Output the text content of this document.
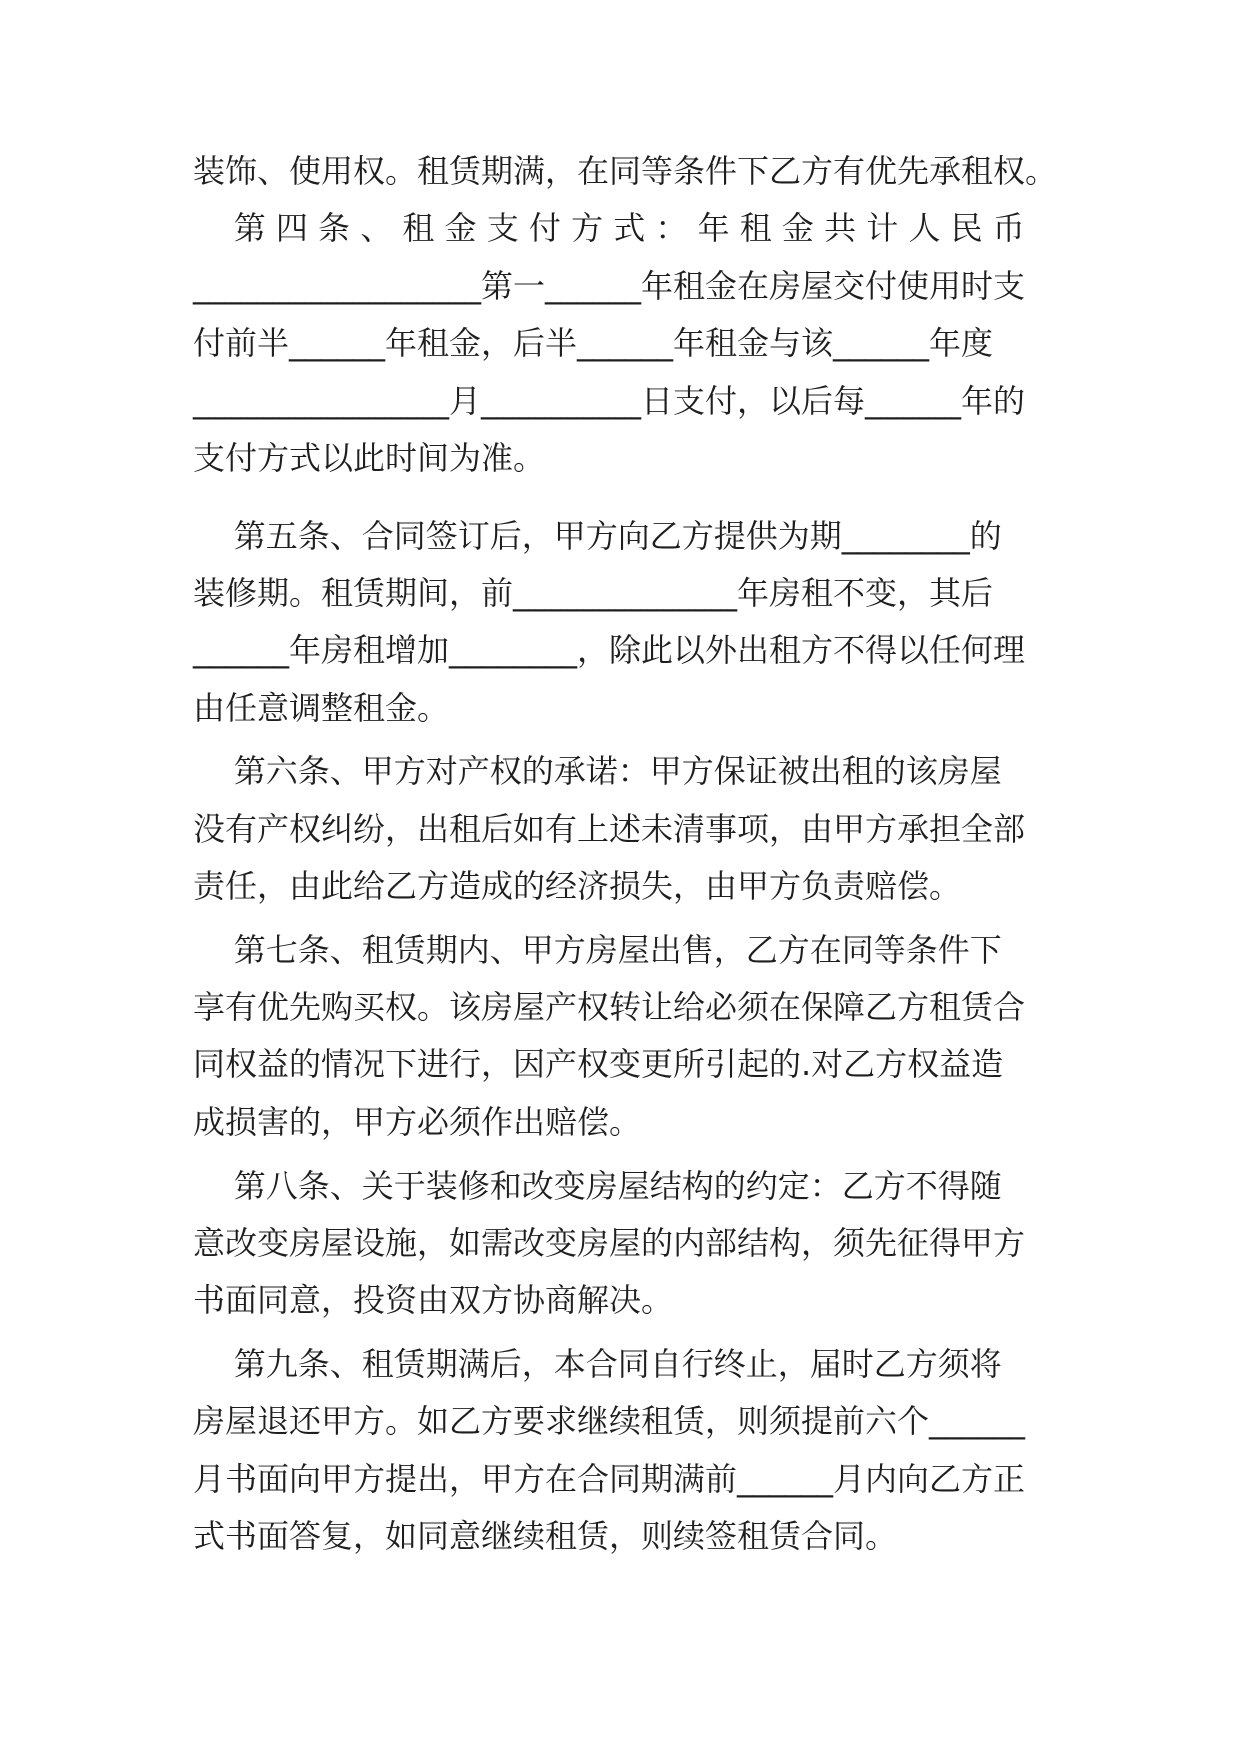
装饰、使用权。租赁期满，在同等条件下乙方有优先承租权。
第 四 条 、 租 金 支 付 方 式 ： 年 租 金 共 计 人 民 币
__________________第一______年租金在房屋交付使用时支
付前半______年租金，后半______年租金与该______年度
________________月__________日支付，以后每______年的
支付方式以此时间为准。
第五条、合同签订后，甲方向乙方提供为期________的
装修期。租赁期间，前______________年房租不变，其后
______年房租增加________，除此以外出租方不得以任何理
由任意调整租金。
第六条、甲方对产权的承诺：甲方保证被出租的该房屋
没有产权纠纷，出租后如有上述未清事项，由甲方承担全部
责任，由此给乙方造成的经济损失，由甲方负责赔偿。
第七条、租赁期内、甲方房屋出售，乙方在同等条件下
享有优先购买权。该房屋产权转让给必须在保障乙方租赁合
同权益的情况下进行，因产权变更所引起的.对乙方权益造
成损害的，甲方必须作出赔偿。
第八条、关于装修和改变房屋结构的约定：乙方不得随
意改变房屋设施，如需改变房屋的内部结构，须先征得甲方
书面同意，投资由双方协商解决。
第九条、租赁期满后，本合同自行终止，届时乙方须将
房屋退还甲方。如乙方要求继续租赁，则须提前六个______
月书面向甲方提出，甲方在合同期满前______月内向乙方正
式书面答复，如同意继续租赁，则续签租赁合同。
